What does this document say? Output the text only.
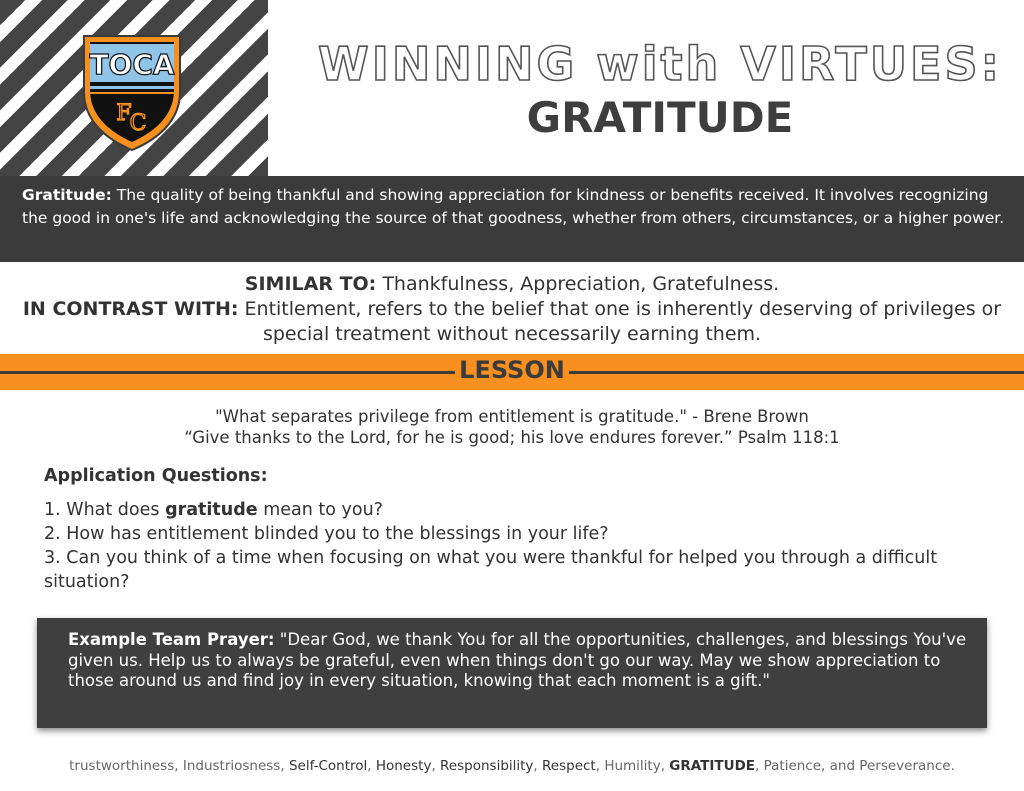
TOCA
F
C
WINNING with VIRTUES:
GRATITUDE
Gratitude: The quality of being thankful and showing appreciation for kindness or benefits received. It involves recognizing the good in one's life and acknowledging the source of that goodness, whether from others, circumstances, or a higher power.
SIMILAR TO: Thankfulness, Appreciation, Gratefulness.
IN CONTRAST WITH: Entitlement, refers to the belief that one is inherently deserving of privileges or special treatment without necessarily earning them.
LESSON
"What separates privilege from entitlement is gratitude." - Brene Brown
“Give thanks to the Lord, for he is good; his love endures forever.” Psalm 118:1
Application Questions:
1. What does gratitude mean to you?
2. How has entitlement blinded you to the blessings in your life?
3. Can you think of a time when focusing on what you were thankful for helped you through a difficult situation?
Example Team Prayer: "Dear God, we thank You for all the opportunities, challenges, and blessings You've given us. Help us to always be grateful, even when things don't go our way. May we show appreciation to those around us and find joy in every situation, knowing that each moment is a gift."
trustworthiness, Industriosness, Self-Control, Honesty, Responsibility, Respect, Humility, GRATITUDE, Patience, and Perseverance.
